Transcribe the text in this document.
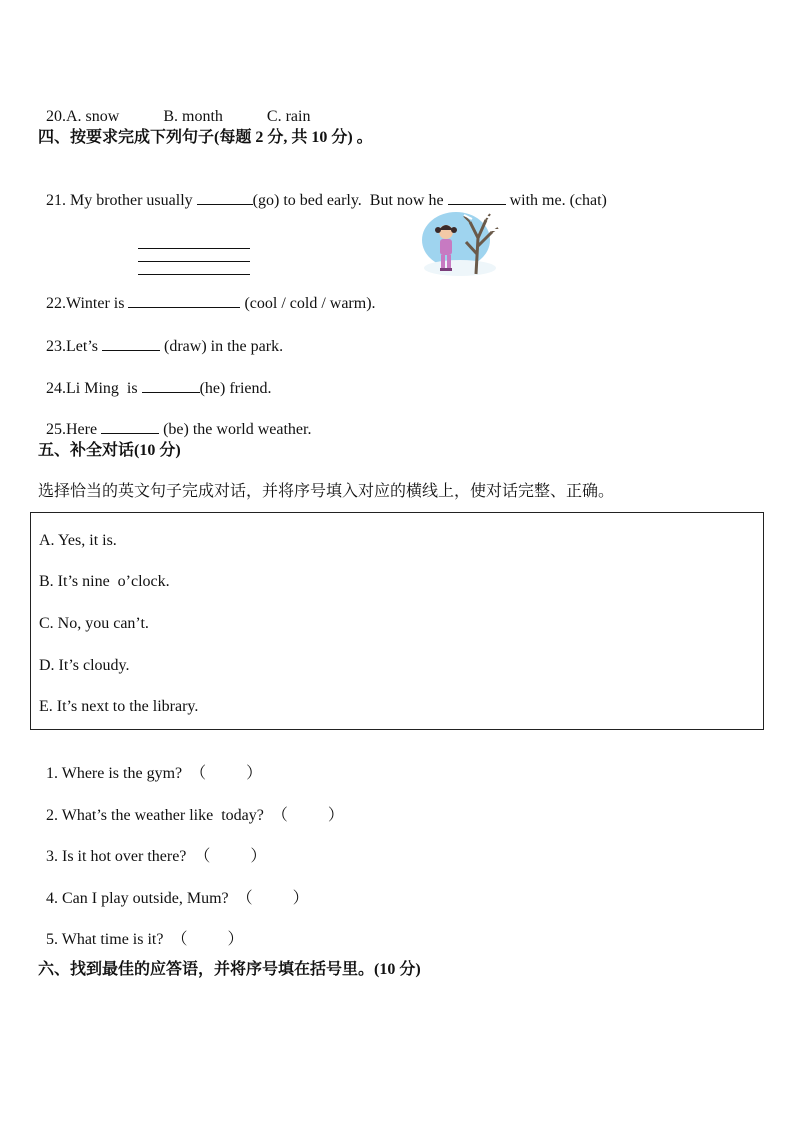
20.A. snow	B. month	C. rain

四、按要求完成下列句子(每题 2 分, 共 10 分) 。

21. My brother usually	(go) to bed early.  But now he	with me. (chat)

22.Winter is	(cool / cold / warm).

23.Let’s	(draw) in the park.

24.Li Ming  is	(he) friend.

25.Here	(be) the world weather.

五、补全对话(10 分)
选择恰当的英文句子完成对话，并将序号填入对应的横线上，使对话完整、正确。
A. Yes, it is.
B. It’s nine  o’clock.
C. No, you can’t.
D. It’s cloudy.
E. It’s next to the library.

1. Where is the gym?  （          ）

2. What’s the weather like  today?  （          ）

3. Is it hot over there?  （          ）

4. Can I play outside, Mum?  （          ）

5. What time is it?  （          ）

六、找到最佳的应答语，并将序号填在括号里。(10 分)
